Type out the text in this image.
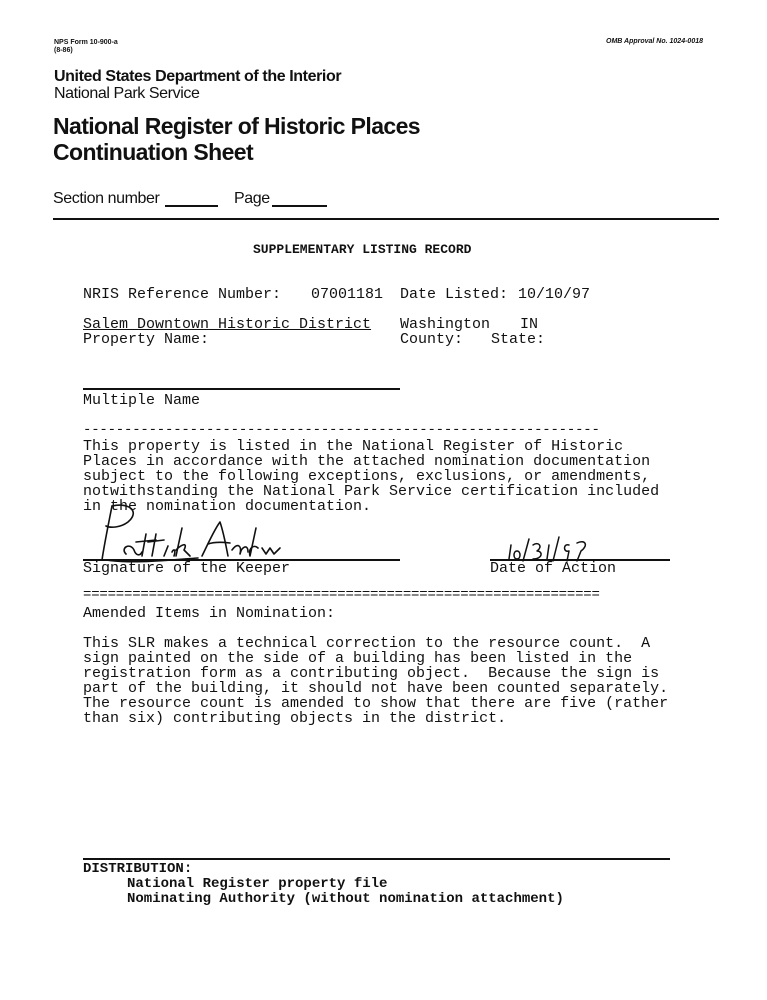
NPS Form 10-900-a
(8-86)
OMB Approval No. 1024-0018
United States Department of the Interior
National Park Service
National Register of Historic Places
Continuation Sheet
Section number	Page
SUPPLEMENTARY LISTING RECORD
NRIS Reference Number: 07001181 Date Listed: 10/10/97
Salem Downtown Historic District Washington IN
Property Name:	County: State:
Multiple Name
---------------------------------------------------------------
This property is listed in the National Register of Historic
Places in accordance with the attached nomination documentation
subject to the following exceptions, exclusions, or amendments,
notwithstanding the National Park Service certification included
in the nomination documentation.
Signature of the Keeper	Date of Action
===============================================================
Amended Items in Nomination:
This SLR makes a technical correction to the resource count.  A
sign painted on the side of a building has been listed in the
registration form as a contributing object.  Because the sign is
part of the building, it should not have been counted separately.
The resource count is amended to show that there are five (rather
than six) contributing objects in the district.
DISTRIBUTION:
National Register property file
Nominating Authority (without nomination attachment)
